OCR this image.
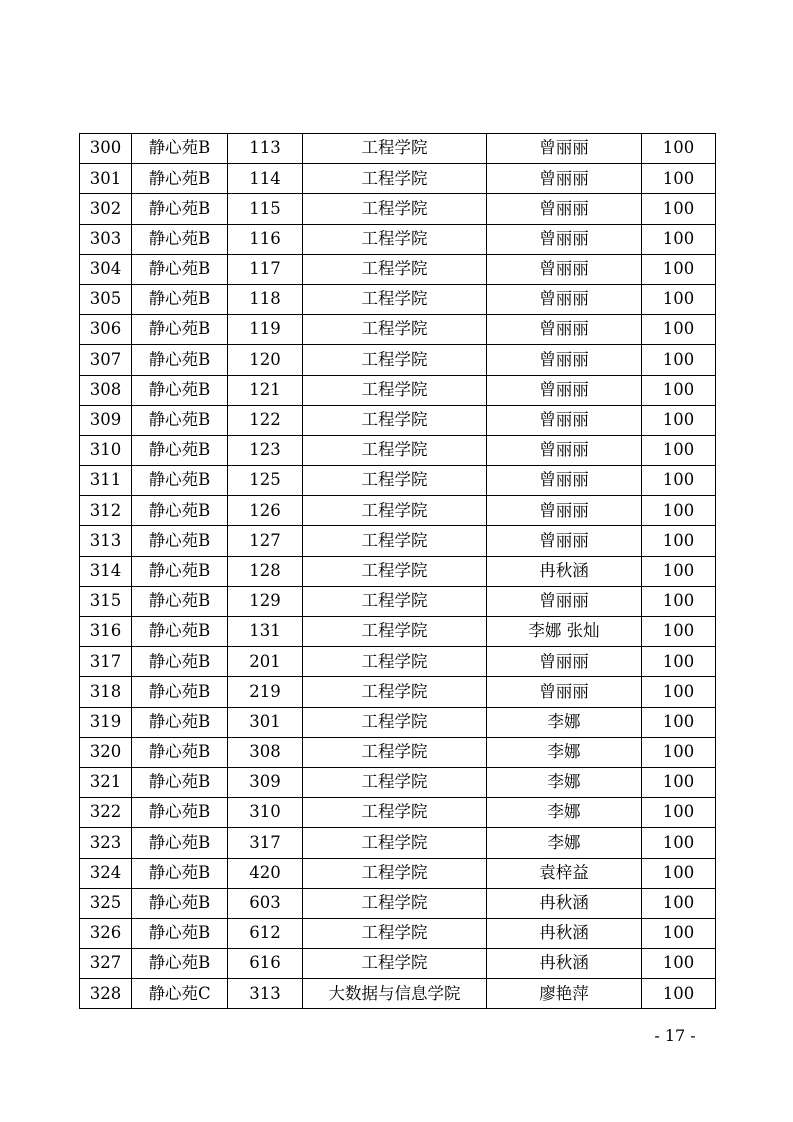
300	静心苑B	113	工程学院	曾丽丽	100
301	静心苑B	114	工程学院	曾丽丽	100
302	静心苑B	115	工程学院	曾丽丽	100
303	静心苑B	116	工程学院	曾丽丽	100
304	静心苑B	117	工程学院	曾丽丽	100
305	静心苑B	118	工程学院	曾丽丽	100
306	静心苑B	119	工程学院	曾丽丽	100
307	静心苑B	120	工程学院	曾丽丽	100
308	静心苑B	121	工程学院	曾丽丽	100
309	静心苑B	122	工程学院	曾丽丽	100
310	静心苑B	123	工程学院	曾丽丽	100
311	静心苑B	125	工程学院	曾丽丽	100
312	静心苑B	126	工程学院	曾丽丽	100
313	静心苑B	127	工程学院	曾丽丽	100
314	静心苑B	128	工程学院	冉秋涵	100
315	静心苑B	129	工程学院	曾丽丽	100
316	静心苑B	131	工程学院	李娜 张灿	100
317	静心苑B	201	工程学院	曾丽丽	100
318	静心苑B	219	工程学院	曾丽丽	100
319	静心苑B	301	工程学院	李娜	100
320	静心苑B	308	工程学院	李娜	100
321	静心苑B	309	工程学院	李娜	100
322	静心苑B	310	工程学院	李娜	100
323	静心苑B	317	工程学院	李娜	100
324	静心苑B	420	工程学院	袁梓益	100
325	静心苑B	603	工程学院	冉秋涵	100
326	静心苑B	612	工程学院	冉秋涵	100
327	静心苑B	616	工程学院	冉秋涵	100
328	静心苑C	313	大数据与信息学院	廖艳萍	100
- 17 -
